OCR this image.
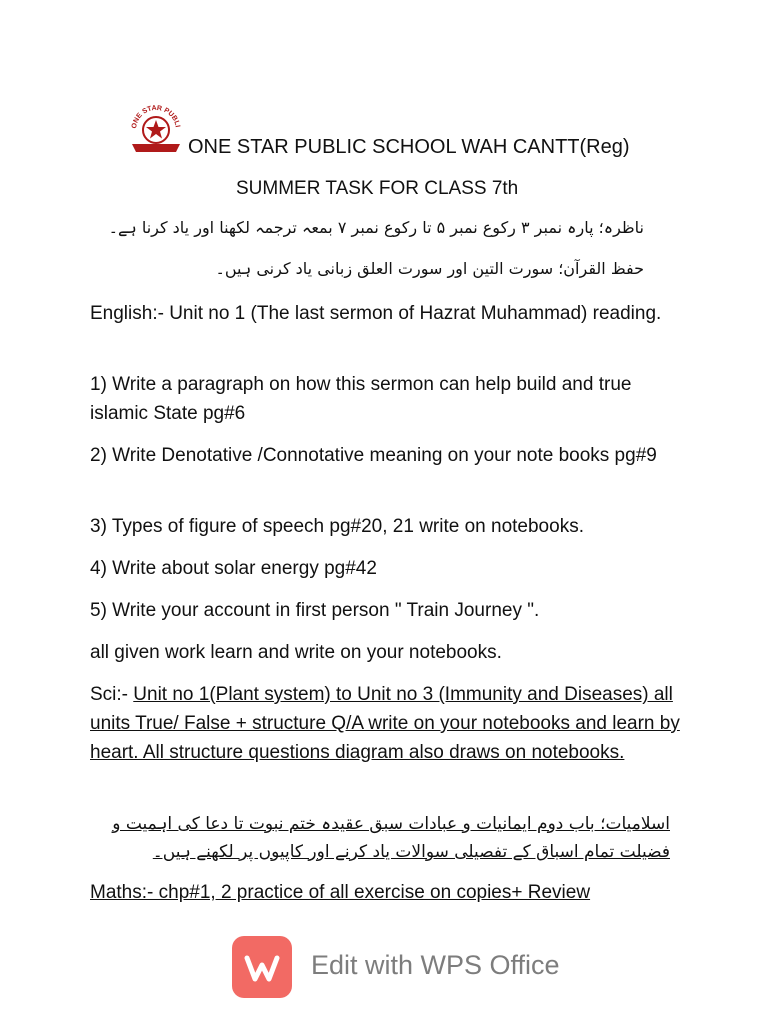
ONE STAR PUBLI
ONE STAR PUBLIC SCHOOL WAH CANTT(Reg)
SUMMER TASK FOR CLASS 7th
ناظرہ؛ پارہ نمبر ۳ رکوع نمبر ۵ تا رکوع نمبر ۷ بمعہ ترجمہ لکھنا اور یاد کرنا ہے۔
حفظ القرآن؛ سورت التین اور سورت العلق زبانی یاد کرنی ہیں۔
English:- Unit no 1 (The last sermon of Hazrat Muhammad) reading.
1) Write a paragraph on how this sermon can help build and true islamic State pg#6
2) Write Denotative /Connotative meaning on your note books pg#9
3) Types of figure of speech pg#20, 21 write on notebooks.
4) Write about solar energy pg#42
5) Write your account in first person " Train Journey ".
all given work learn and write on your notebooks.
Sci:- Unit no 1(Plant system) to Unit no 3 (Immunity and Diseases) all units True/ False + structure Q/A write on your notebooks and learn by heart. All structure questions diagram also draws on notebooks.
اسلامیات؛ باب دوم ایمانیات و عبادات سبق عقیدہ ختم نبوت تا دعا کی اہمیت و فضیلت تمام اسباق کے تفصیلی سوالات یاد کرنے اور کاپیوں پر لکھنے ہیں۔
Maths:- chp#1, 2 practice of all exercise on copies+ Review
Edit with WPS Office
